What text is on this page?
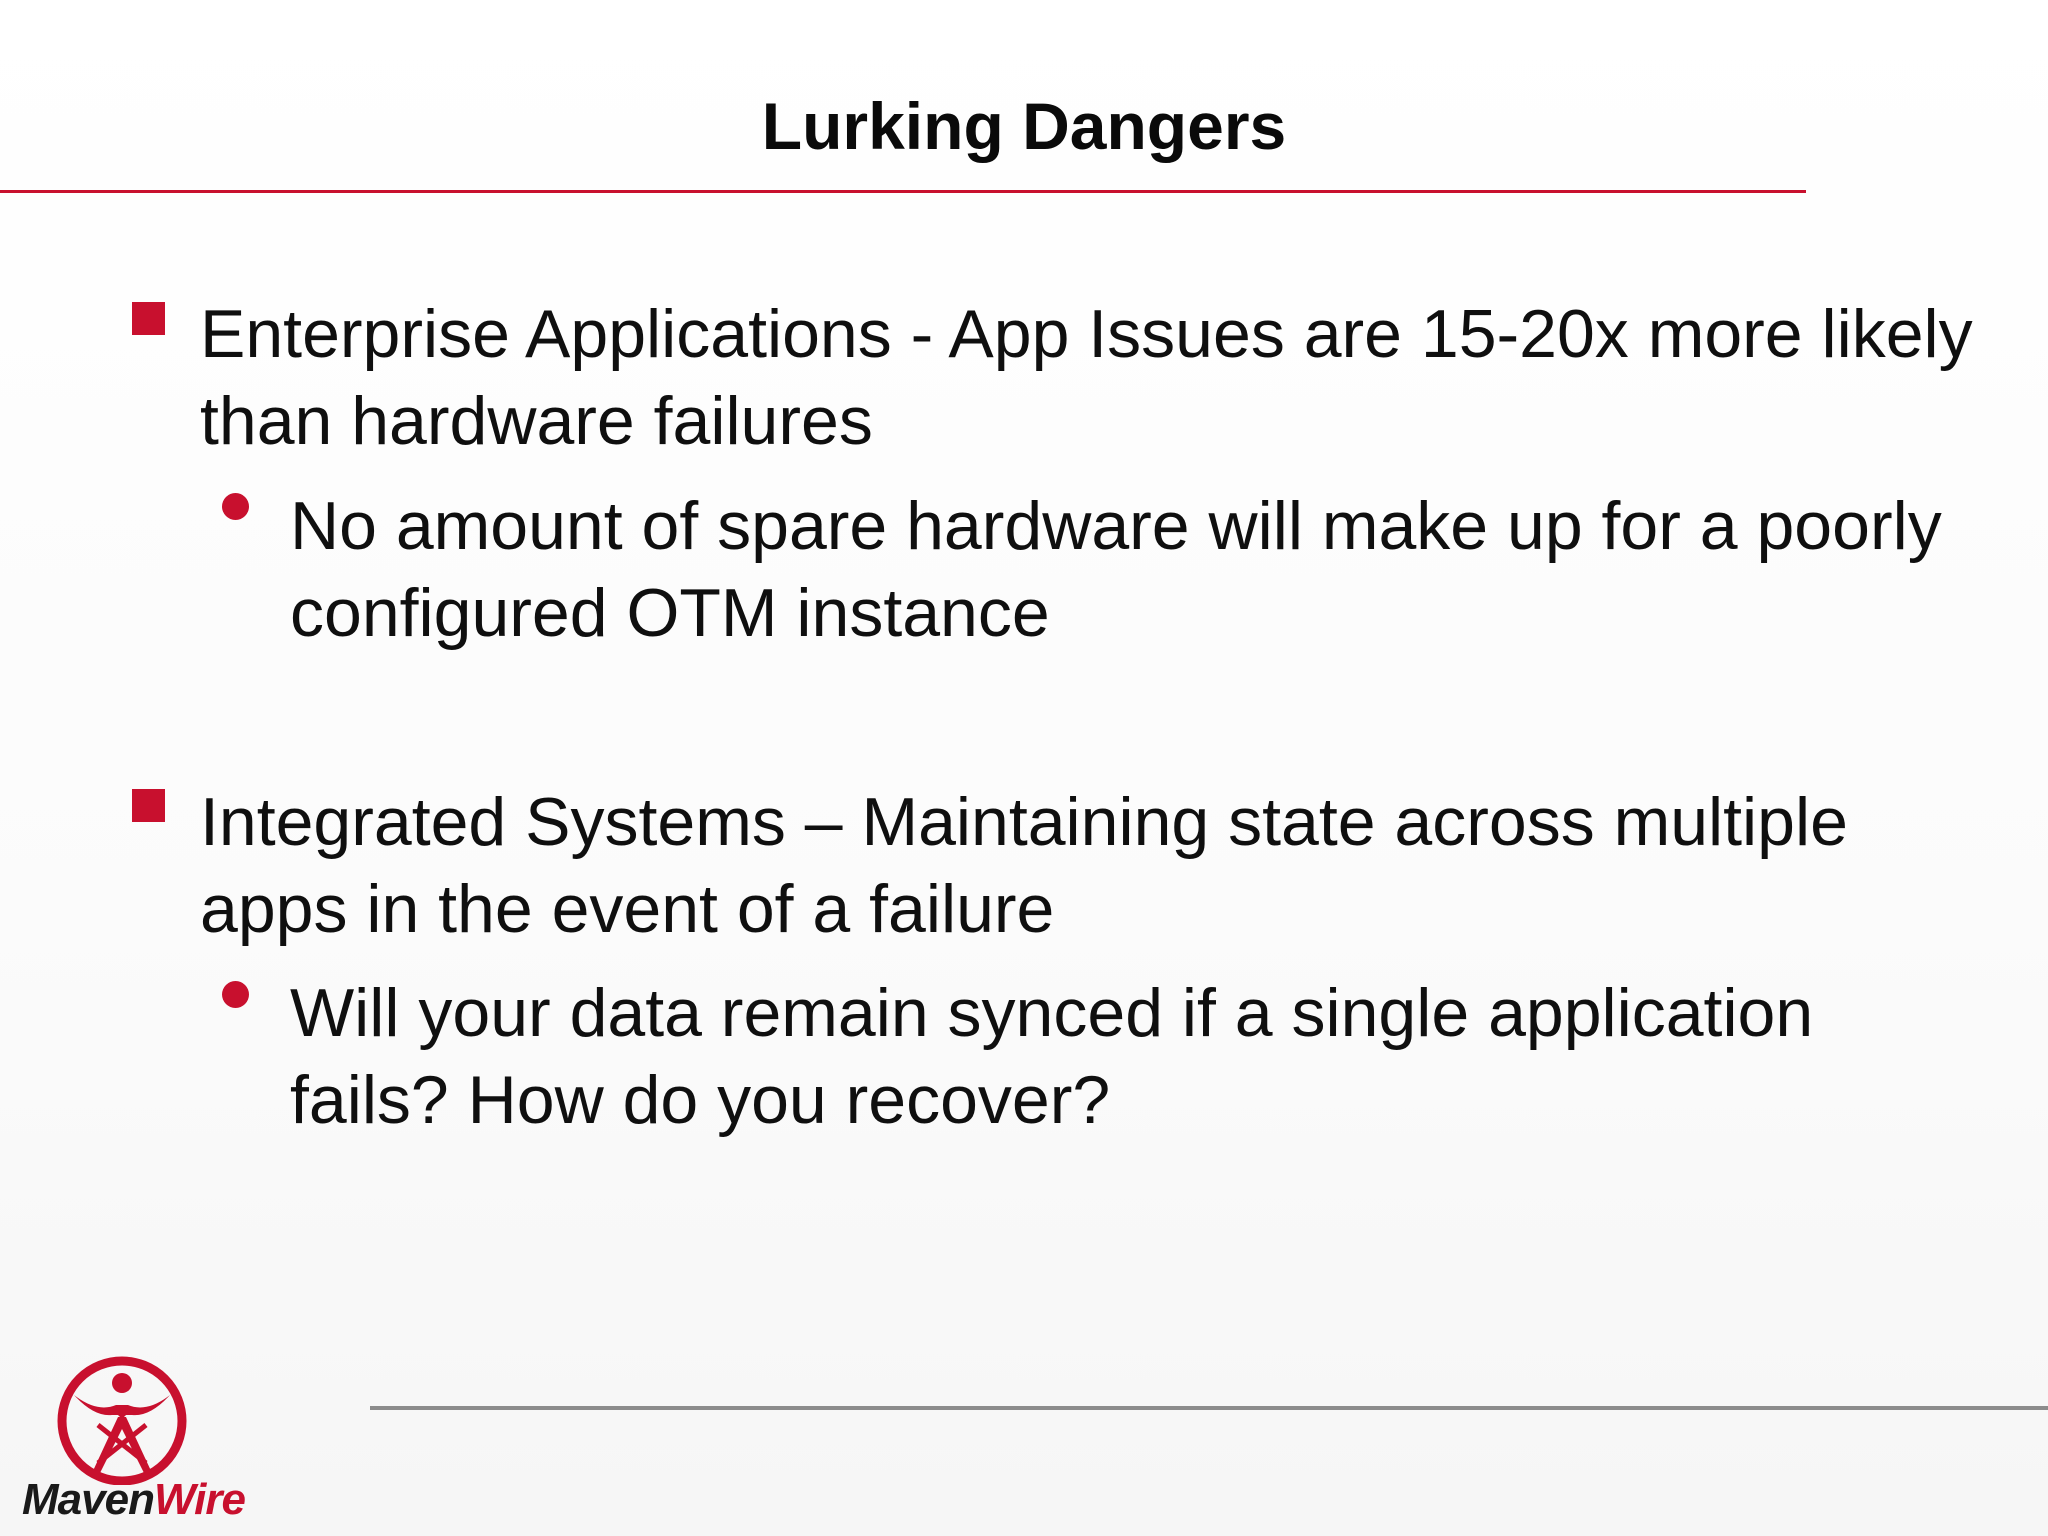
Lurking Dangers

Enterprise Applications - App Issues are 15-20x more likely than hardware failures

No amount of spare hardware will make up for a poorly configured OTM instance

Integrated Systems – Maintaining state across multiple apps in the event of a failure

Will your data remain synced if a single application fails? How do you recover?

MavenWire
